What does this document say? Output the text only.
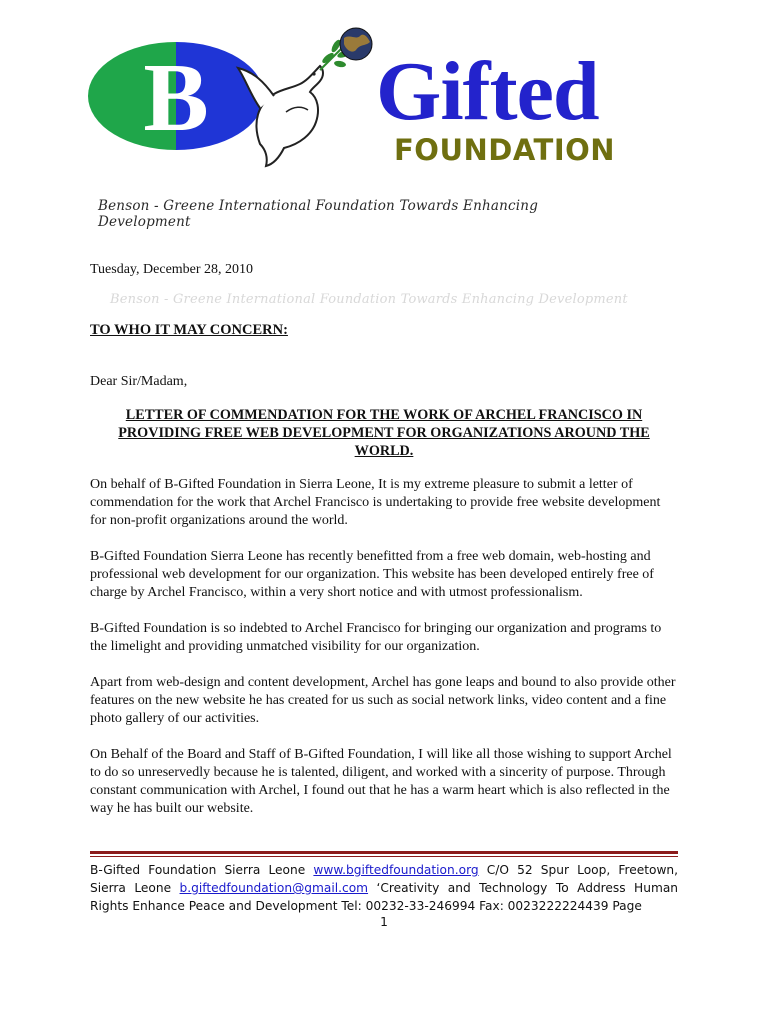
B Gifted
FOUNDATION
Benson - Greene International Foundation Towards Enhancing Development
Benson - Greene International Foundation Towards Enhancing Development
Tuesday, December 28, 2010
TO WHO IT MAY CONCERN:
Dear Sir/Madam,
LETTER OF COMMENDATION FOR THE WORK OF ARCHEL FRANCISCO IN PROVIDING FREE WEB DEVELOPMENT FOR ORGANIZATIONS AROUND THE WORLD.

On behalf of B-Gifted Foundation in Sierra Leone, It is my extreme pleasure to submit a letter of commendation for the work that Archel Francisco is undertaking to provide free website development for non-profit organizations around the world.

B-Gifted Foundation Sierra Leone has recently benefitted from a free web domain, web-hosting and professional web development for our organization. This website has been developed entirely free of charge by Archel Francisco, within a very short notice and with utmost professionalism.

B-Gifted Foundation is so indebted to Archel Francisco for bringing our organization and programs to the limelight and providing unmatched visibility for our organization.

Apart from web-design and content development, Archel has gone leaps and bound to also provide other features on the new website he has created for us such as social network links, video content and a fine photo gallery of our activities.

On Behalf of the Board and Staff of B-Gifted Foundation, I will like all those wishing to support Archel to do so unreservedly because he is talented, diligent, and worked with a sincerity of purpose. Through constant communication with Archel, I found out that he has a warm heart which is also reflected in the way he has built our website.

B-Gifted Foundation Sierra Leone www.bgiftedfoundation.org C/O 52 Spur Loop, Freetown, Sierra Leone b.giftedfoundation@gmail.com ‘Creativity and Technology To Address Human Rights Enhance Peace and Development Tel: 00232-33-246994 Fax: 0023222224439 Page
1
